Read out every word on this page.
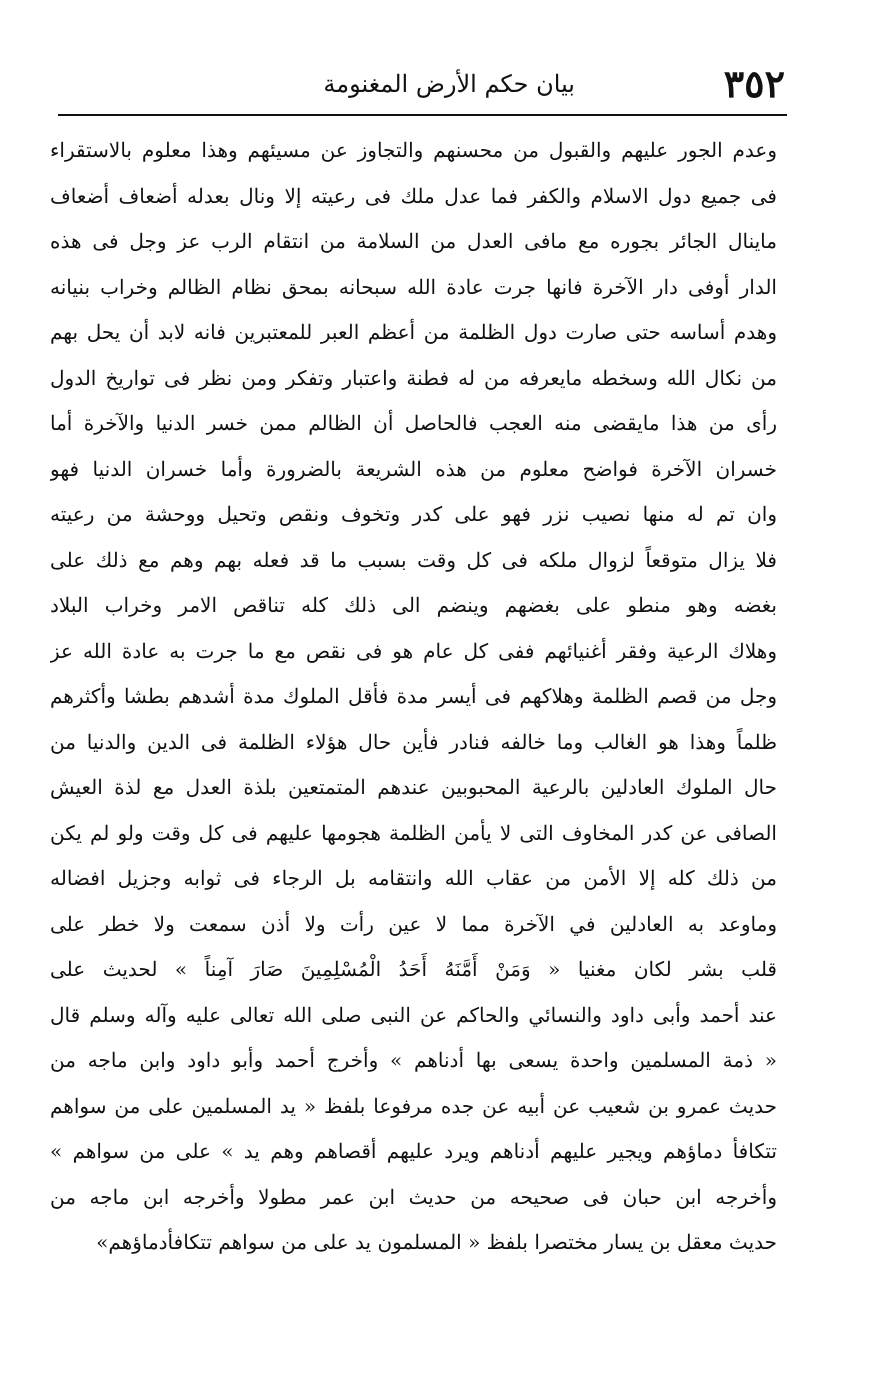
٣٥٢
بيان حكم الأرض المغنومة
وعدم الجور عليهم والقبول من محسنهم والتجاوز عن مسيئهم وهذا معلوم بالاستقراء
فى جميع دول الاسلام والكفر فما عدل ملك فى رعيته إلا ونال بعدله أضعاف أضعاف
ماينال الجائر بجوره مع مافى العدل من السلامة من انتقام الرب عز وجل فى هذه
الدار أوفى دار الآخرة فانها جرت عادة الله سبحانه بمحق نظام الظالم وخراب بنيانه
وهدم أساسه حتى صارت دول الظلمة من أعظم العبر للمعتبرين فانه لابد أن يحل بهم
من نكال الله وسخطه مايعرفه من له فطنة واعتبار وتفكر ومن نظر فى تواريخ الدول
رأى من هذا مايقضى منه العجب فالحاصل أن الظالم ممن خسر الدنيا والآخرة أما
خسران الآخرة فواضح معلوم من هذه الشريعة بالضرورة وأما خسران الدنيا فهو
وان تم له منها نصيب نزر فهو على كدر وتخوف ونقص وتحيل ووحشة من رعيته
فلا يزال متوقعاً لزوال ملكه فى كل وقت بسبب ما قد فعله بهم وهم مع ذلك على
بغضه وهو منطو على بغضهم وينضم الى ذلك كله تناقص الامر وخراب البلاد
وهلاك الرعية وفقر أغنيائهم ففى كل عام هو فى نقص مع ما جرت به عادة الله عز
وجل من قصم الظلمة وهلاكهم فى أيسر مدة فأقل الملوك مدة أشدهم بطشا وأكثرهم
ظلماً وهذا هو الغالب وما خالفه فنادر فأين حال هؤلاء الظلمة فى الدين والدنيا من
حال الملوك العادلين بالرعية المحبوبين عندهم المتمتعين بلذة العدل مع لذة العيش
الصافى عن كدر المخاوف التى لا يأمن الظلمة هجومها عليهم فى كل وقت ولو لم يكن
من ذلك كله إلا الأمن من عقاب الله وانتقامه بل الرجاء فى ثوابه وجزيل افضاله
وماوعد به العادلين في الآخرة مما لا عين رأت ولا أذن سمعت ولا خطر على
قلب بشر لكان مغنيا « وَمَنْ أَمَّنَهُ أَحَدُ الْمُسْلِمِينَ صَارَ آمِناً » لحديث على
عند أحمد وأبى داود والنسائي والحاكم عن النبى صلى الله تعالى عليه وآله وسلم قال
« ذمة المسلمين واحدة يسعى بها أدناهم » وأخرج أحمد وأبو داود وابن ماجه من
حديث عمرو بن شعيب عن أبيه عن جده مرفوعا بلفظ « يد المسلمين على من سواهم
تتكافأ دماؤهم ويجير عليهم أدناهم ويرد عليهم أقصاهم وهم يد » على من سواهم »
وأخرجه ابن حبان فى صحيحه من حديث ابن عمر مطولا وأخرجه ابن ماجه من
حديث معقل بن يسار مختصرا بلفظ « المسلمون يد على من سواهم تتكافأدماؤهم»
